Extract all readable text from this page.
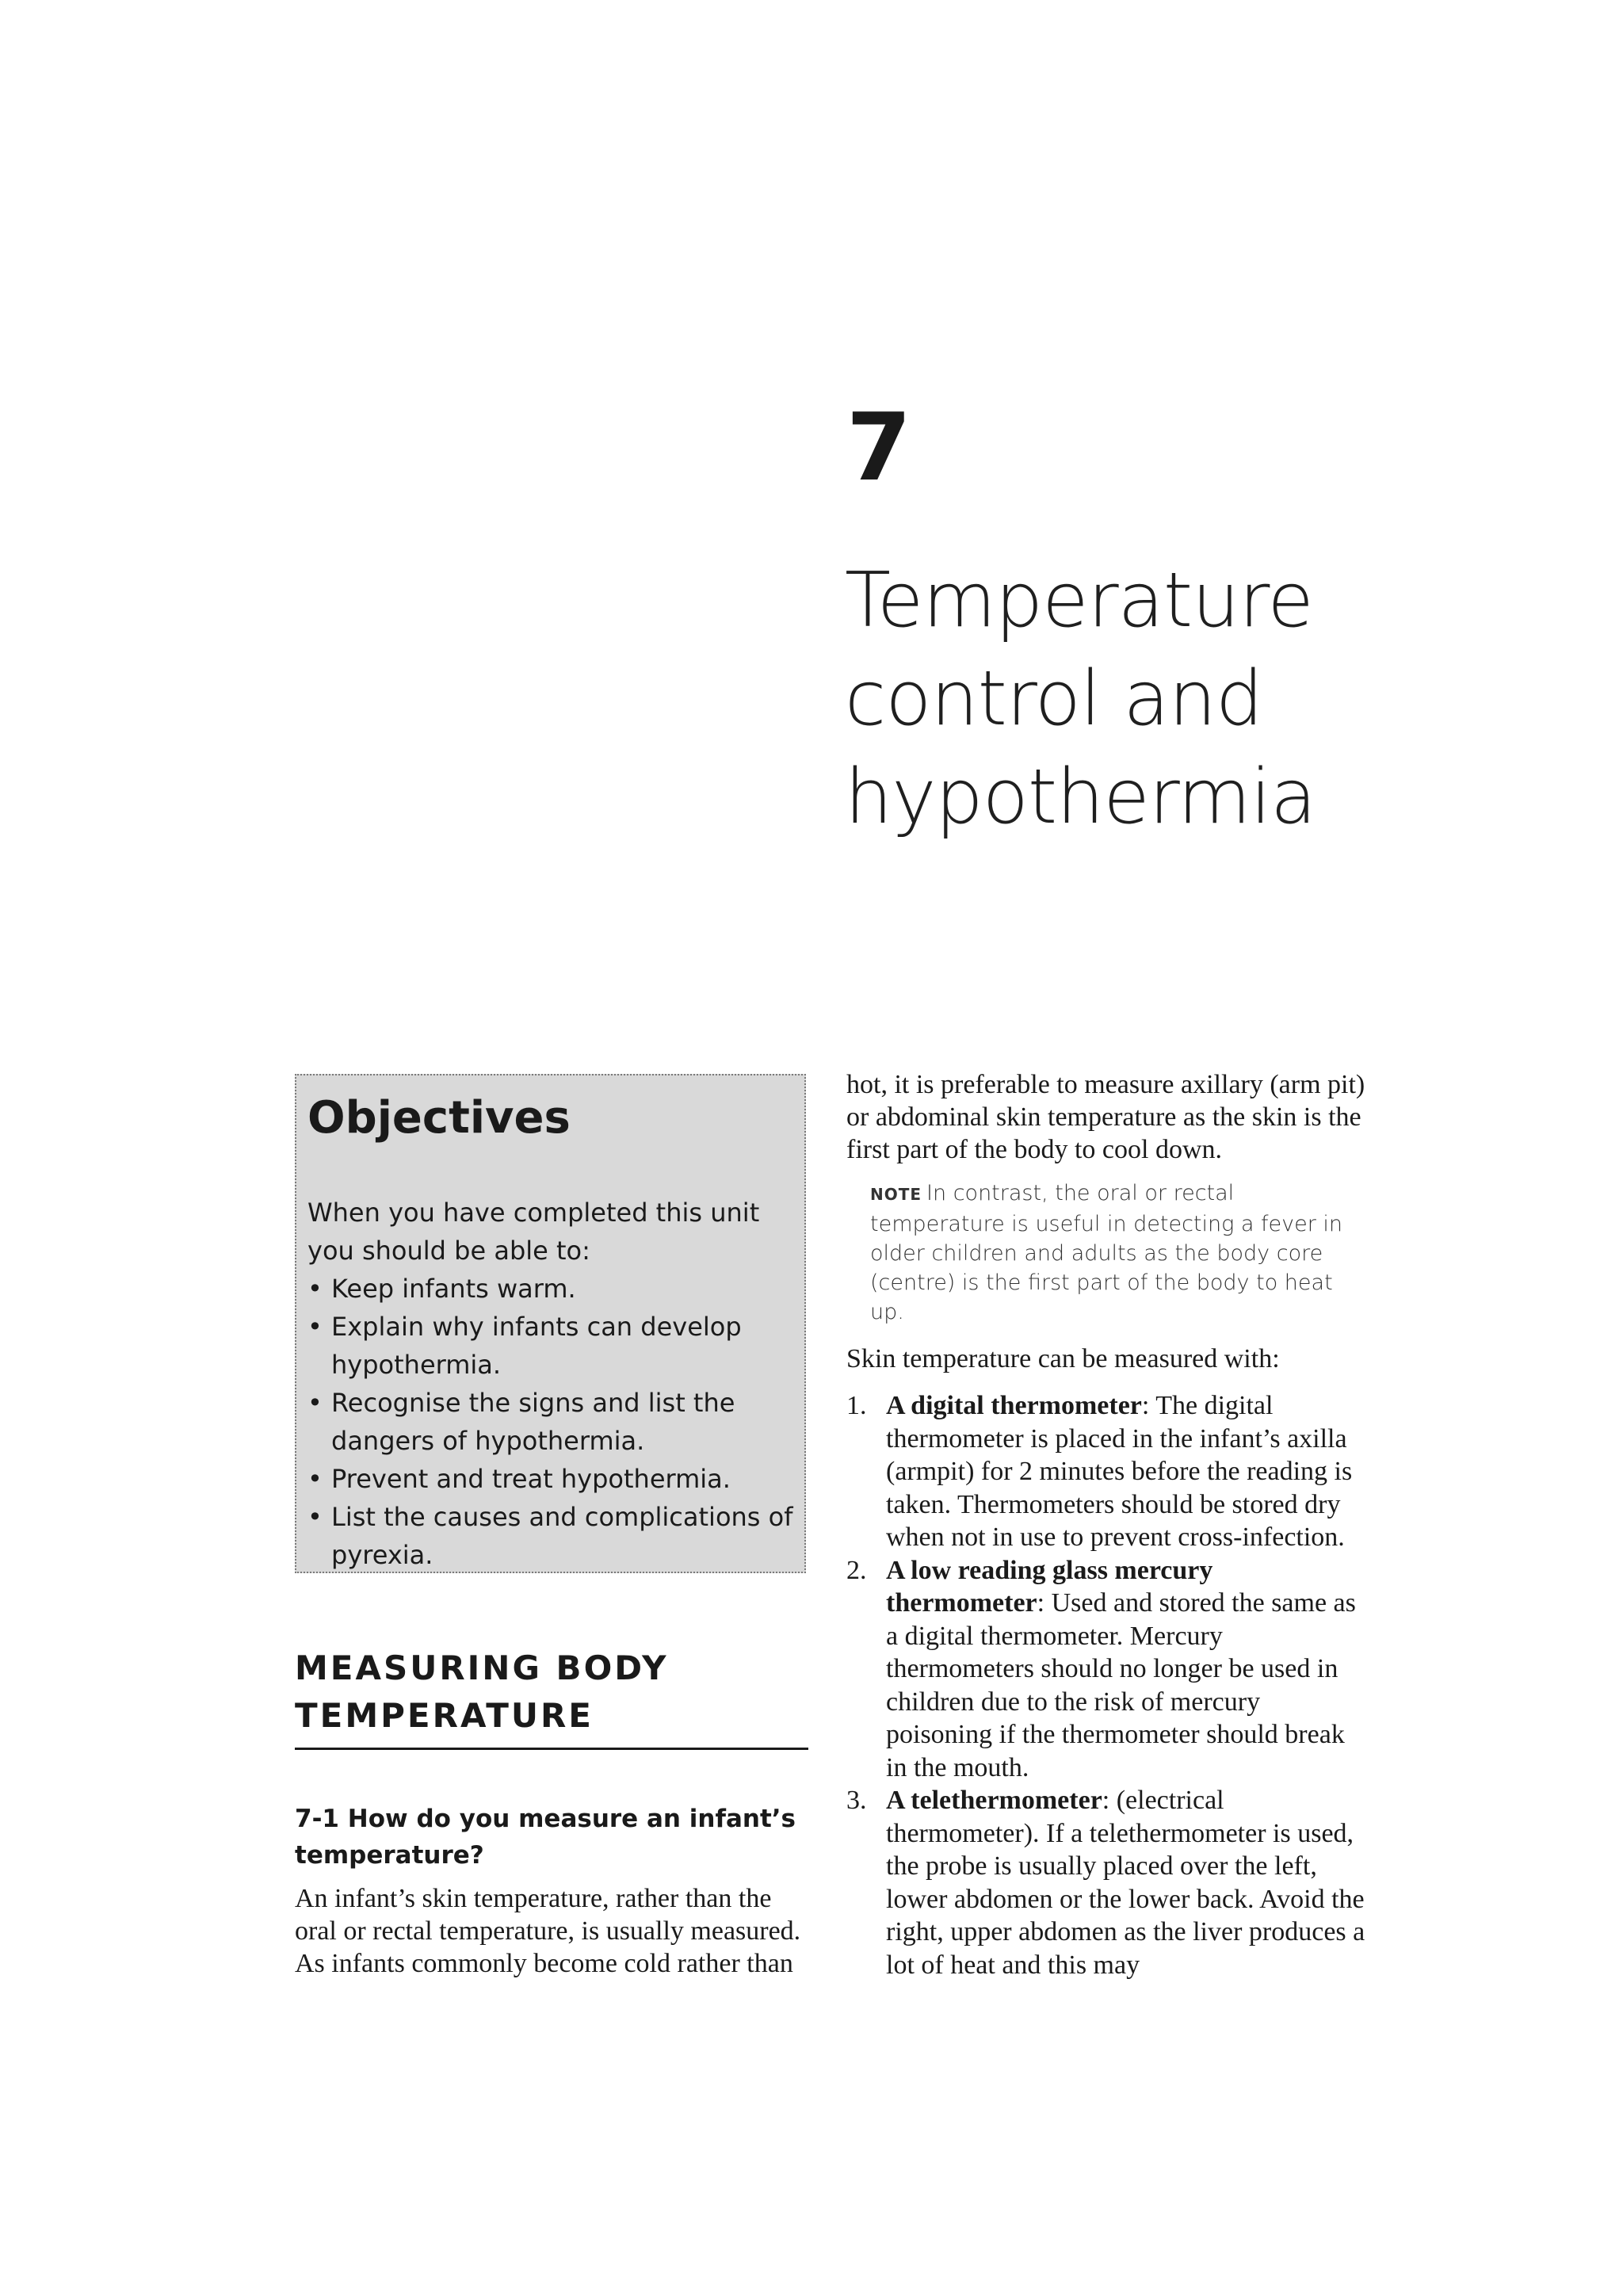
7
Temperature
control and
hypothermia
Objectives

When you have completed this unit you should be able to:

• Keep infants warm.
• Explain why infants can develop hypothermia.
• Recognise the signs and list the dangers of hypothermia.
• Prevent and treat hypothermia.
• List the causes and complications of pyrexia.
MEASURING BODY TEMPERATURE
7-1 How do you measure an infant’s temperature?

An infant’s skin temperature, rather than the oral or rectal temperature, is usually measured. As infants commonly become cold rather than

hot, it is preferable to measure axillary (arm pit) or abdominal skin temperature as the skin is the first part of the body to cool down.

NOTE In contrast, the oral or rectal temperature is useful in detecting a fever in older children and adults as the body core (centre) is the first part of the body to heat up.

Skin temperature can be measured with:

1. A digital thermometer: The digital thermometer is placed in the infant’s axilla (armpit) for 2 minutes before the reading is taken. Thermometers should be stored dry when not in use to prevent cross-infection.
2. A low reading glass mercury thermometer: Used and stored the same as a digital thermometer. Mercury thermometers should no longer be used in children due to the risk of mercury poisoning if the thermometer should break in the mouth.
3. A telethermometer: (electrical thermometer). If a telethermometer is used, the probe is usually placed over the left, lower abdomen or the lower back. Avoid the right, upper abdomen as the liver produces a lot of heat and this may
